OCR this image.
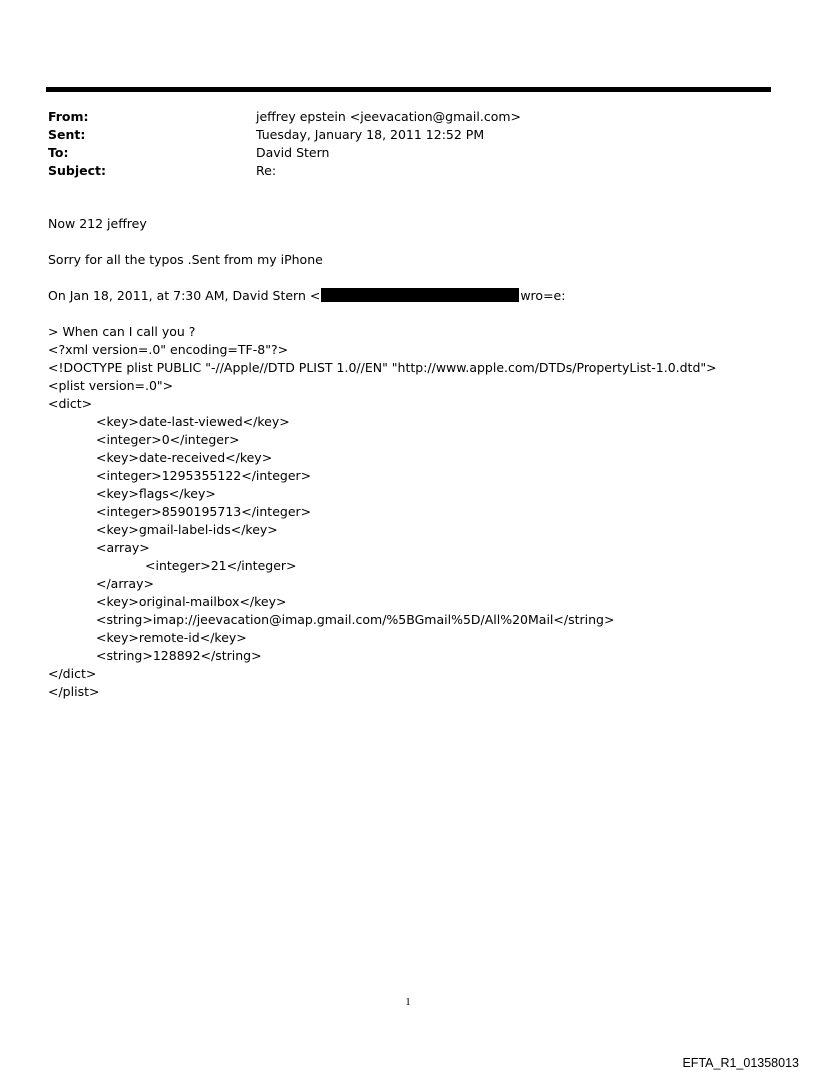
From:	jeffrey epstein <jeevacation@gmail.com>
Sent:	Tuesday, January 18, 2011 12:52 PM
To:	David Stern
Subject:	Re:
Now 212 jeffrey
Sorry for all the typos .Sent from my iPhone
On Jan 18, 2011, at 7:30 AM, David Stern <	wro=e:
> When can I call you ?
<?xml version=.0" encoding=TF-8"?>
<!DOCTYPE plist PUBLIC "-//Apple//DTD PLIST 1.0//EN" "http://www.apple.com/DTDs/PropertyList-1.0.dtd">
<plist version=.0">
<dict>
<key>date-last-viewed</key>
<integer>0</integer>
<key>date-received</key>
<integer>1295355122</integer>
<key>flags</key>
<integer>8590195713</integer>
<key>gmail-label-ids</key>
<array>
<integer>21</integer>
</array>
<key>original-mailbox</key>
<string>imap://jeevacation@imap.gmail.com/%5BGmail%5D/All%20Mail</string>
<key>remote-id</key>
<string>128892</string>
</dict>
</plist>
1
EFTA_R1_01358013
